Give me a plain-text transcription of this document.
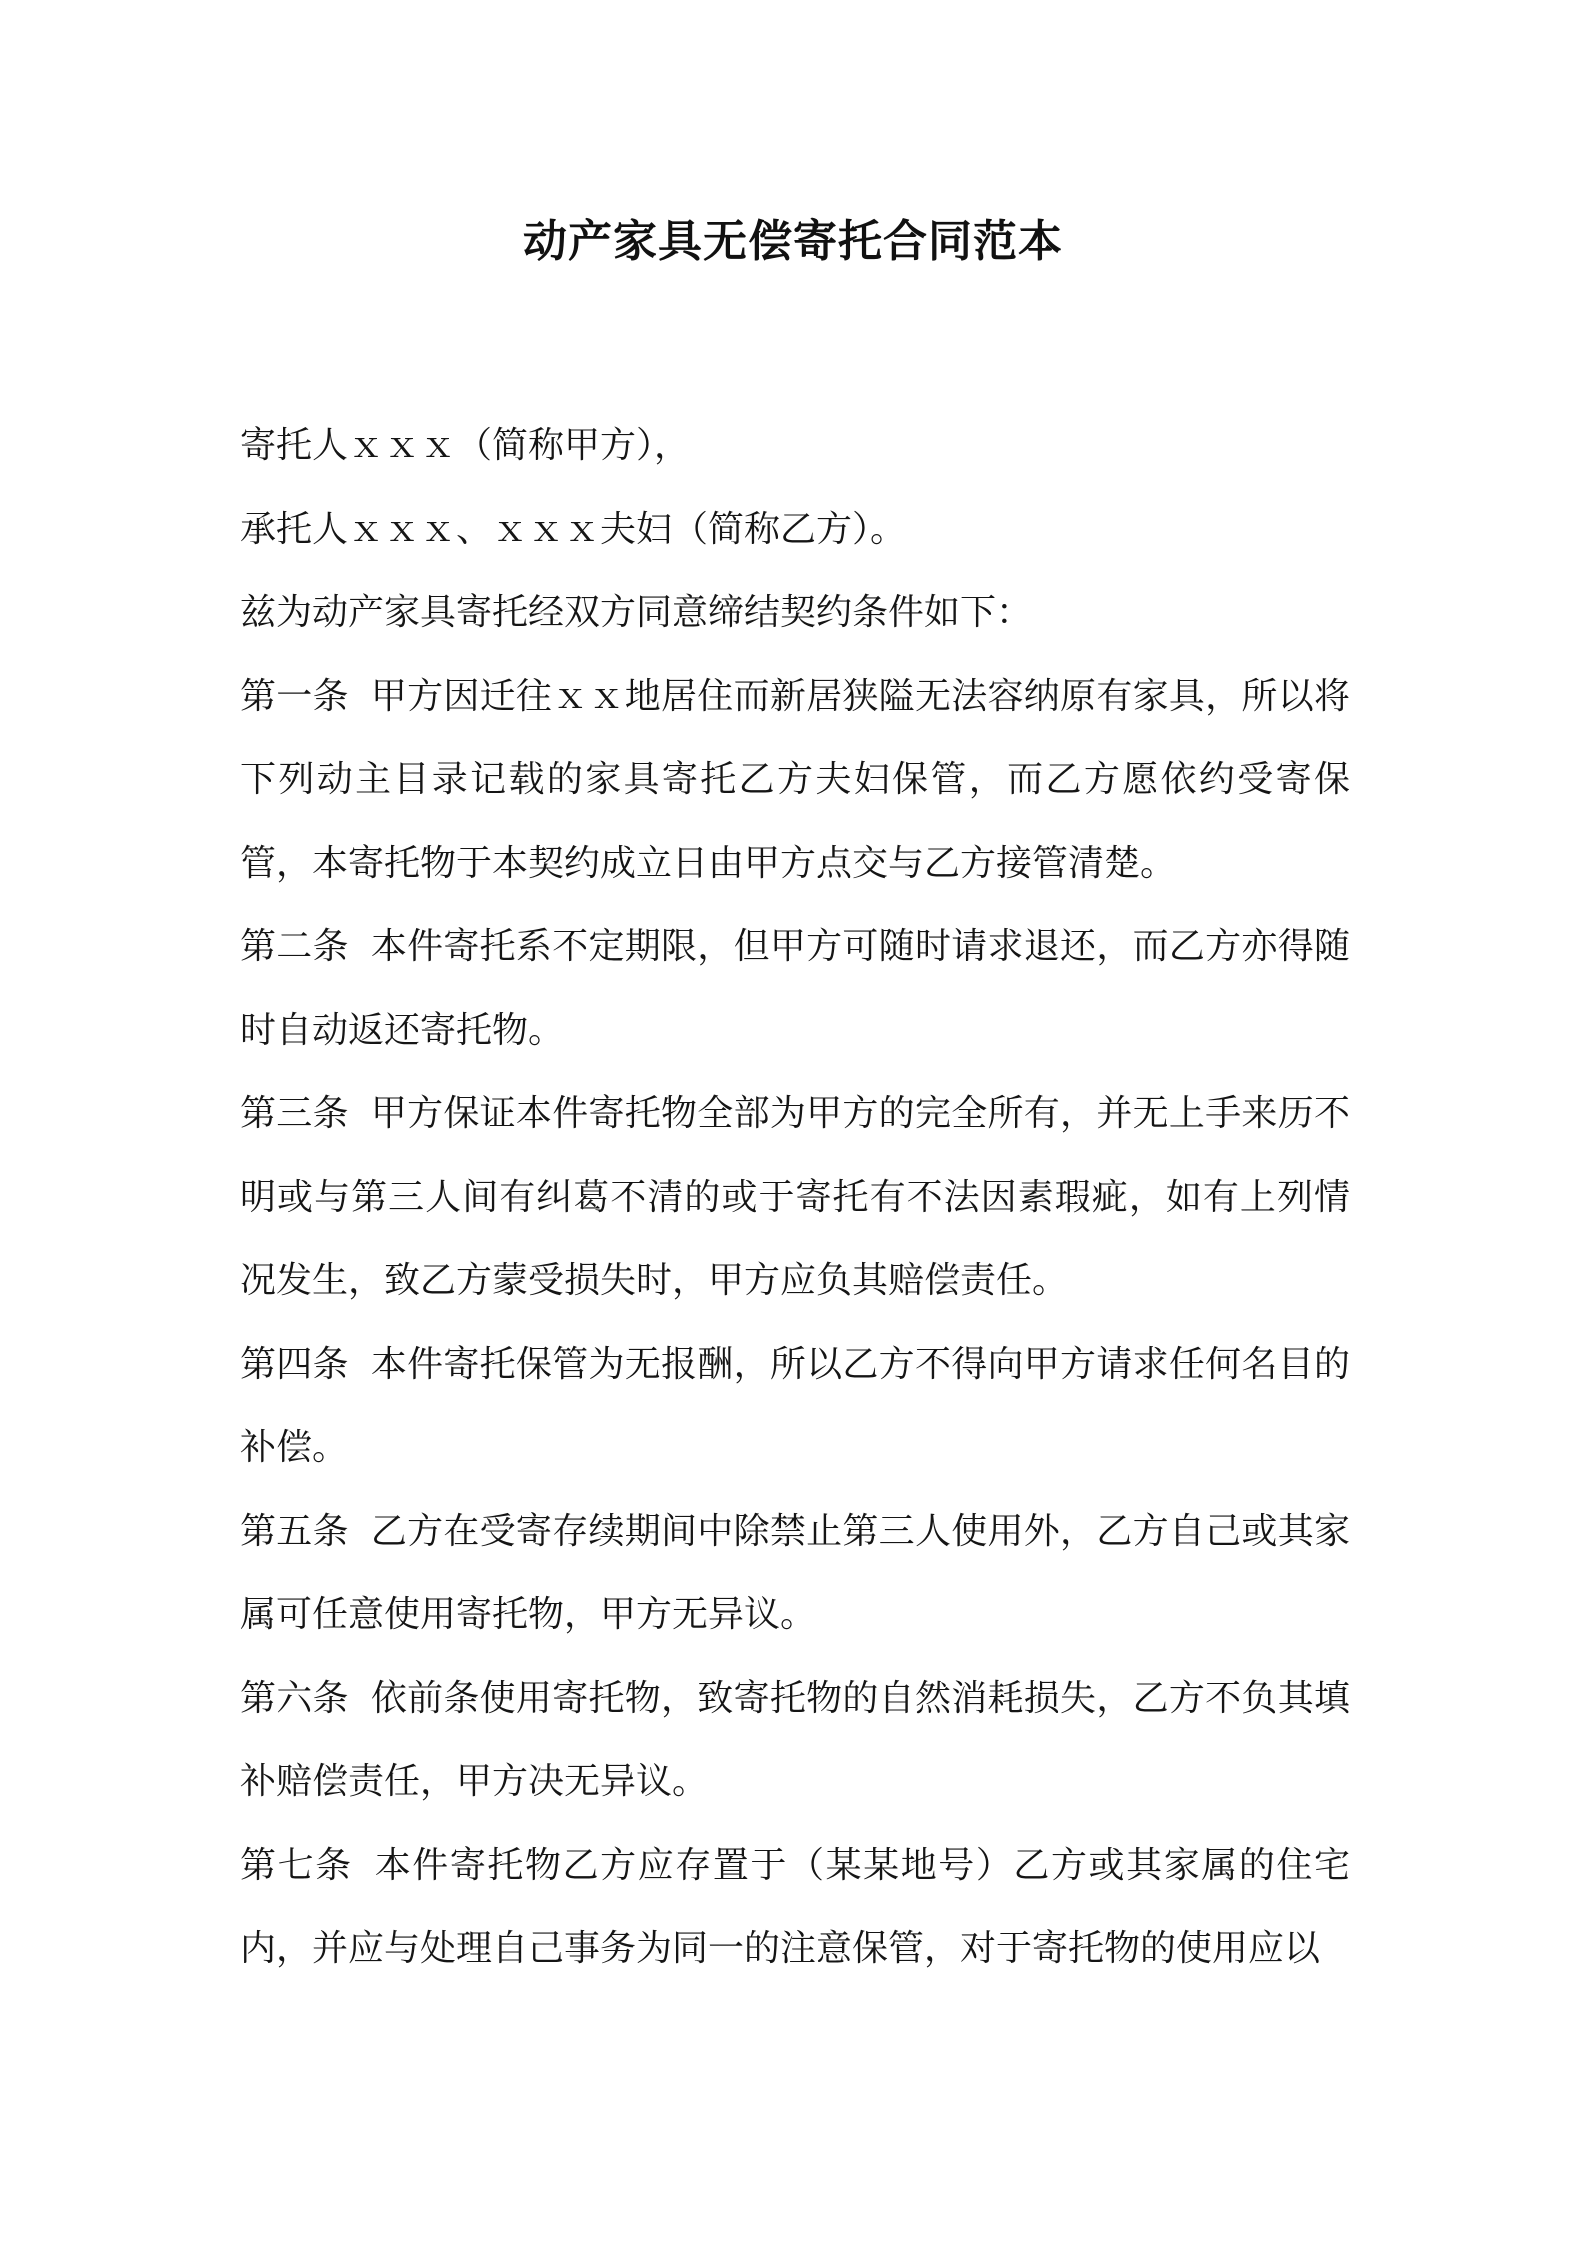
动产家具无偿寄托合同范本

寄托人ｘｘｘ（简称甲方），

承托人ｘｘｘ、ｘｘｘ夫妇（简称乙方）。

兹为动产家具寄托经双方同意缔结契约条件如下：

第一条 甲方因迁往ｘｘ地居住而新居狭隘无法容纳原有家具，所以将下列动主目录记载的家具寄托乙方夫妇保管，而乙方愿依约受寄保管，本寄托物于本契约成立日由甲方点交与乙方接管清楚。

第二条 本件寄托系不定期限，但甲方可随时请求退还，而乙方亦得随时自动返还寄托物。

第三条 甲方保证本件寄托物全部为甲方的完全所有，并无上手来历不明或与第三人间有纠葛不清的或于寄托有不法因素瑕疵，如有上列情况发生，致乙方蒙受损失时，甲方应负其赔偿责任。

第四条 本件寄托保管为无报酬，所以乙方不得向甲方请求任何名目的补偿。

第五条 乙方在受寄存续期间中除禁止第三人使用外，乙方自己或其家属可任意使用寄托物，甲方无异议。

第六条 依前条使用寄托物，致寄托物的自然消耗损失，乙方不负其填补赔偿责任，甲方决无异议。

第七条 本件寄托物乙方应存置于（某某地号）乙方或其家属的住宅内，并应与处理自己事务为同一的注意保管，对于寄托物的使用应以
